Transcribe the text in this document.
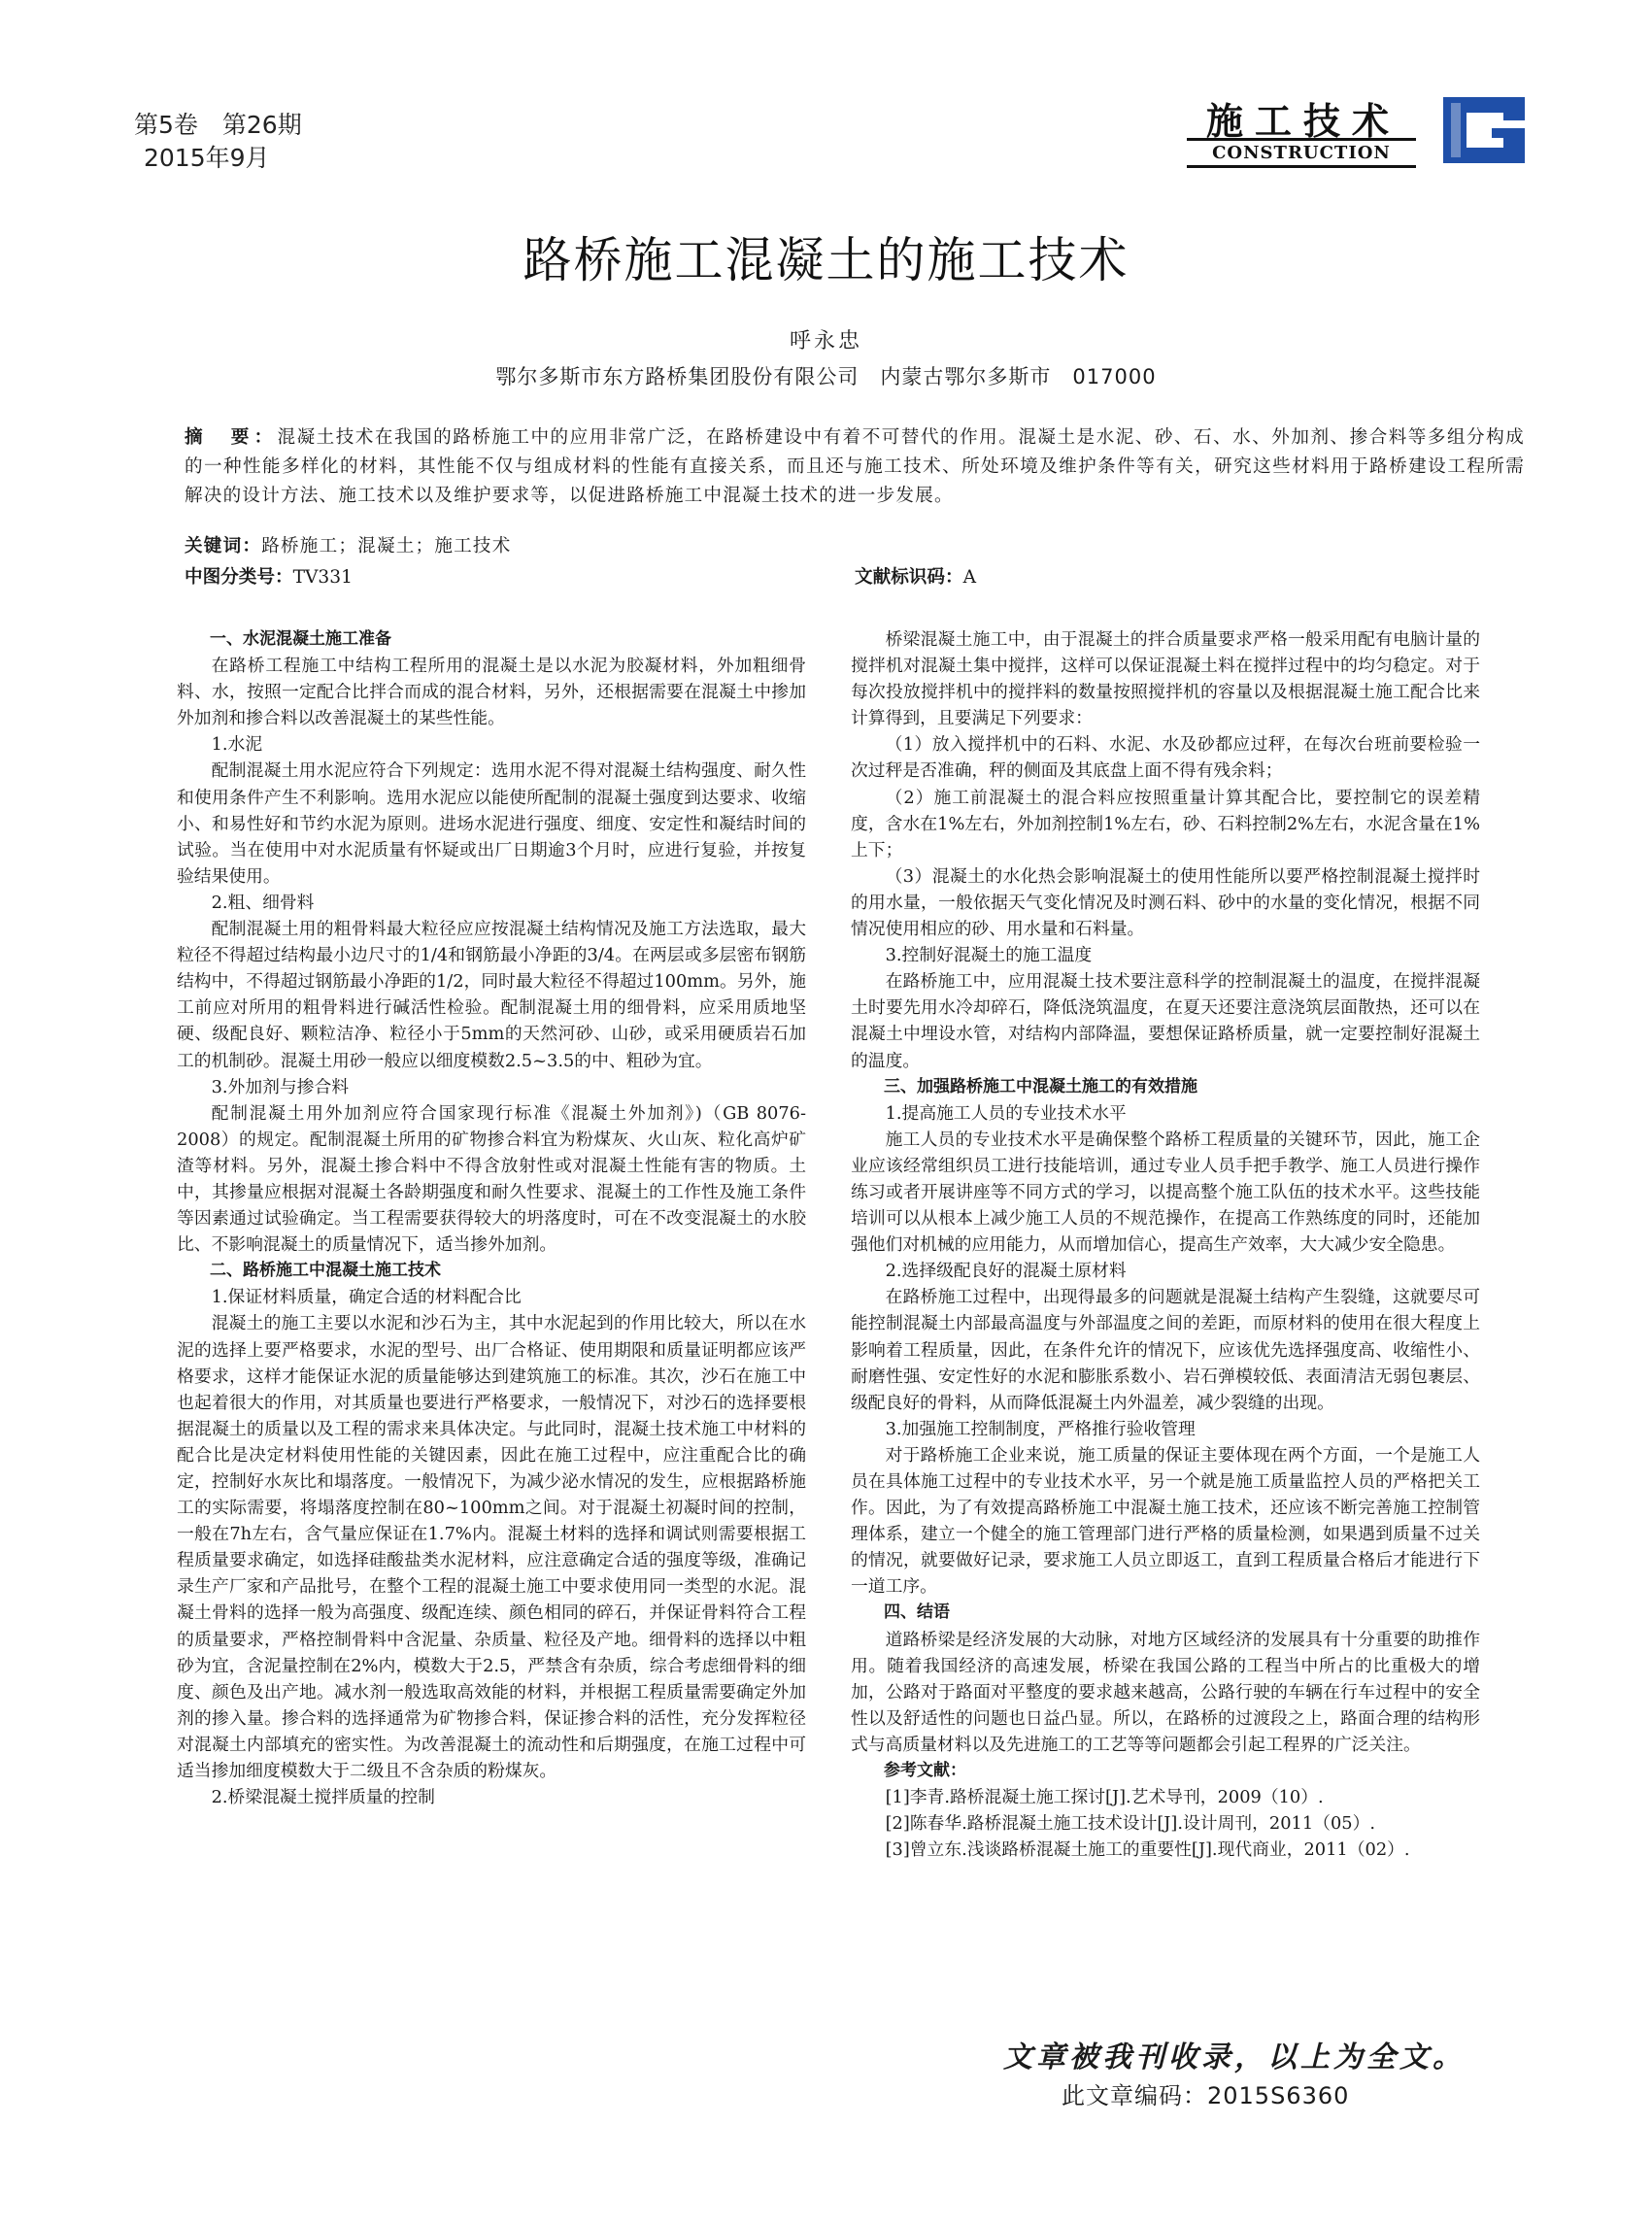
第5卷　第26期
2015年9月
施工技术
CONSTRUCTION
路桥施工混凝土的施工技术
呼永忠
鄂尔多斯市东方路桥集团股份有限公司　内蒙古鄂尔多斯市　017000
摘　要：混凝土技术在我国的路桥施工中的应用非常广泛，在路桥建设中有着不可替代的作用。混凝土是水泥、砂、石、水、外加剂、掺合料等多组分构成的一种性能多样化的材料，其性能不仅与组成材料的性能有直接关系，而且还与施工技术、所处环境及维护条件等有关，研究这些材料用于路桥建设工程所需解决的设计方法、施工技术以及维护要求等，以促进路桥施工中混凝土技术的进一步发展。
关键词：路桥施工；混凝土；施工技术
中图分类号：TV331	文献标识码：A

一、水泥混凝土施工准备

在路桥工程施工中结构工程所用的混凝土是以水泥为胶凝材料，外加粗细骨料、水，按照一定配合比拌合而成的混合材料，另外，还根据需要在混凝土中掺加外加剂和掺合料以改善混凝土的某些性能。

1.水泥

配制混凝土用水泥应符合下列规定：选用水泥不得对混凝土结构强度、耐久性和使用条件产生不利影响。选用水泥应以能使所配制的混凝土强度到达要求、收缩小、和易性好和节约水泥为原则。进场水泥进行强度、细度、安定性和凝结时间的试验。当在使用中对水泥质量有怀疑或出厂日期逾3个月时，应进行复验，并按复验结果使用。

2.粗、细骨料

配制混凝土用的粗骨料最大粒径应应按混凝土结构情况及施工方法选取，最大粒径不得超过结构最小边尺寸的1/4和钢筋最小净距的3/4。在两层或多层密布钢筋结构中，不得超过钢筋最小净距的1/2，同时最大粒径不得超过100mm。另外，施工前应对所用的粗骨料进行碱活性检验。配制混凝土用的细骨料，应采用质地坚硬、级配良好、颗粒洁净、粒径小于5mm的天然河砂、山砂，或采用硬质岩石加工的机制砂。混凝土用砂一般应以细度模数2.5~3.5的中、粗砂为宜。

3.外加剂与掺合料

配制混凝土用外加剂应符合国家现行标准《混凝土外加剂》)（GB 8076-2008）的规定。配制混凝土所用的矿物掺合料宜为粉煤灰、火山灰、粒化高炉矿渣等材料。另外，混凝土掺合料中不得含放射性或对混凝土性能有害的物质。土中，其掺量应根据对混凝土各龄期强度和耐久性要求、混凝土的工作性及施工条件等因素通过试验确定。当工程需要获得较大的坍落度时，可在不改变混凝土的水胶比、不影响混凝土的质量情况下，适当掺外加剂。

二、路桥施工中混凝土施工技术

1.保证材料质量，确定合适的材料配合比

混凝土的施工主要以水泥和沙石为主，其中水泥起到的作用比较大，所以在水泥的选择上要严格要求，水泥的型号、出厂合格证、使用期限和质量证明都应该严格要求，这样才能保证水泥的质量能够达到建筑施工的标准。其次，沙石在施工中也起着很大的作用，对其质量也要进行严格要求，一般情况下，对沙石的选择要根据混凝土的质量以及工程的需求来具体决定。与此同时，混凝土技术施工中材料的配合比是决定材料使用性能的关键因素，因此在施工过程中，应注重配合比的确定，控制好水灰比和塌落度。一般情况下，为减少泌水情况的发生，应根据路桥施工的实际需要，将塌落度控制在80~100mm之间。对于混凝土初凝时间的控制，一般在7h左右，含气量应保证在1.7%内。混凝土材料的选择和调试则需要根据工程质量要求确定，如选择硅酸盐类水泥材料，应注意确定合适的强度等级，准确记录生产厂家和产品批号，在整个工程的混凝土施工中要求使用同一类型的水泥。混凝土骨料的选择一般为高强度、级配连续、颜色相同的碎石，并保证骨料符合工程的质量要求，严格控制骨料中含泥量、杂质量、粒径及产地。细骨料的选择以中粗砂为宜，含泥量控制在2%内，模数大于2.5，严禁含有杂质，综合考虑细骨料的细度、颜色及出产地。减水剂一般选取高效能的材料，并根据工程质量需要确定外加剂的掺入量。掺合料的选择通常为矿物掺合料，保证掺合料的活性，充分发挥粒径对混凝土内部填充的密实性。为改善混凝土的流动性和后期强度，在施工过程中可适当掺加细度模数大于二级且不含杂质的粉煤灰。

2.桥梁混凝土搅拌质量的控制

桥梁混凝土施工中，由于混凝土的拌合质量要求严格一般采用配有电脑计量的搅拌机对混凝土集中搅拌，这样可以保证混凝土料在搅拌过程中的均匀稳定。对于每次投放搅拌机中的搅拌料的数量按照搅拌机的容量以及根据混凝土施工配合比来计算得到，且要满足下列要求：

（1）放入搅拌机中的石料、水泥、水及砂都应过秤，在每次台班前要检验一次过秤是否准确，秤的侧面及其底盘上面不得有残余料；

（2）施工前混凝土的混合料应按照重量计算其配合比，要控制它的误差精度，含水在1%左右，外加剂控制1%左右，砂、石料控制2%左右，水泥含量在1%上下；

（3）混凝土的水化热会影响混凝土的使用性能所以要严格控制混凝土搅拌时的用水量，一般依据天气变化情况及时测石料、砂中的水量的变化情况，根据不同情况使用相应的砂、用水量和石料量。

3.控制好混凝土的施工温度

在路桥施工中，应用混凝土技术要注意科学的控制混凝土的温度，在搅拌混凝土时要先用水冷却碎石，降低浇筑温度，在夏天还要注意浇筑层面散热，还可以在混凝土中埋设水管，对结构内部降温，要想保证路桥质量，就一定要控制好混凝土的温度。

三、加强路桥施工中混凝土施工的有效措施

1.提高施工人员的专业技术水平

施工人员的专业技术水平是确保整个路桥工程质量的关键环节，因此，施工企业应该经常组织员工进行技能培训，通过专业人员手把手教学、施工人员进行操作练习或者开展讲座等不同方式的学习，以提高整个施工队伍的技术水平。这些技能培训可以从根本上减少施工人员的不规范操作，在提高工作熟练度的同时，还能加强他们对机械的应用能力，从而增加信心，提高生产效率，大大减少安全隐患。

2.选择级配良好的混凝土原材料

在路桥施工过程中，出现得最多的问题就是混凝土结构产生裂缝，这就要尽可能控制混凝土内部最高温度与外部温度之间的差距，而原材料的使用在很大程度上影响着工程质量，因此，在条件允许的情况下，应该优先选择强度高、收缩性小、耐磨性强、安定性好的水泥和膨胀系数小、岩石弹模较低、表面清洁无弱包裹层、级配良好的骨料，从而降低混凝土内外温差，减少裂缝的出现。

3.加强施工控制制度，严格推行验收管理

对于路桥施工企业来说，施工质量的保证主要体现在两个方面，一个是施工人员在具体施工过程中的专业技术水平，另一个就是施工质量监控人员的严格把关工作。因此，为了有效提高路桥施工中混凝土施工技术，还应该不断完善施工控制管理体系，建立一个健全的施工管理部门进行严格的质量检测，如果遇到质量不过关的情况，就要做好记录，要求施工人员立即返工，直到工程质量合格后才能进行下一道工序。

四、结语

道路桥梁是经济发展的大动脉，对地方区域经济的发展具有十分重要的助推作用。随着我国经济的高速发展，桥梁在我国公路的工程当中所占的比重极大的增加，公路对于路面对平整度的要求越来越高，公路行驶的车辆在行车过程中的安全性以及舒适性的问题也日益凸显。所以，在路桥的过渡段之上，路面合理的结构形式与高质量材料以及先进施工的工艺等等问题都会引起工程界的广泛关注。

参考文献：

[1]李青.路桥混凝土施工探讨[J].艺术导刊，2009（10）.

[2]陈春华.路桥混凝土施工技术设计[J].设计周刊，2011（05）.

[3]曾立东.浅谈路桥混凝土施工的重要性[J].现代商业，2011（02）.

文章被我刊收录，以上为全文。
此文章编码：2015S6360
